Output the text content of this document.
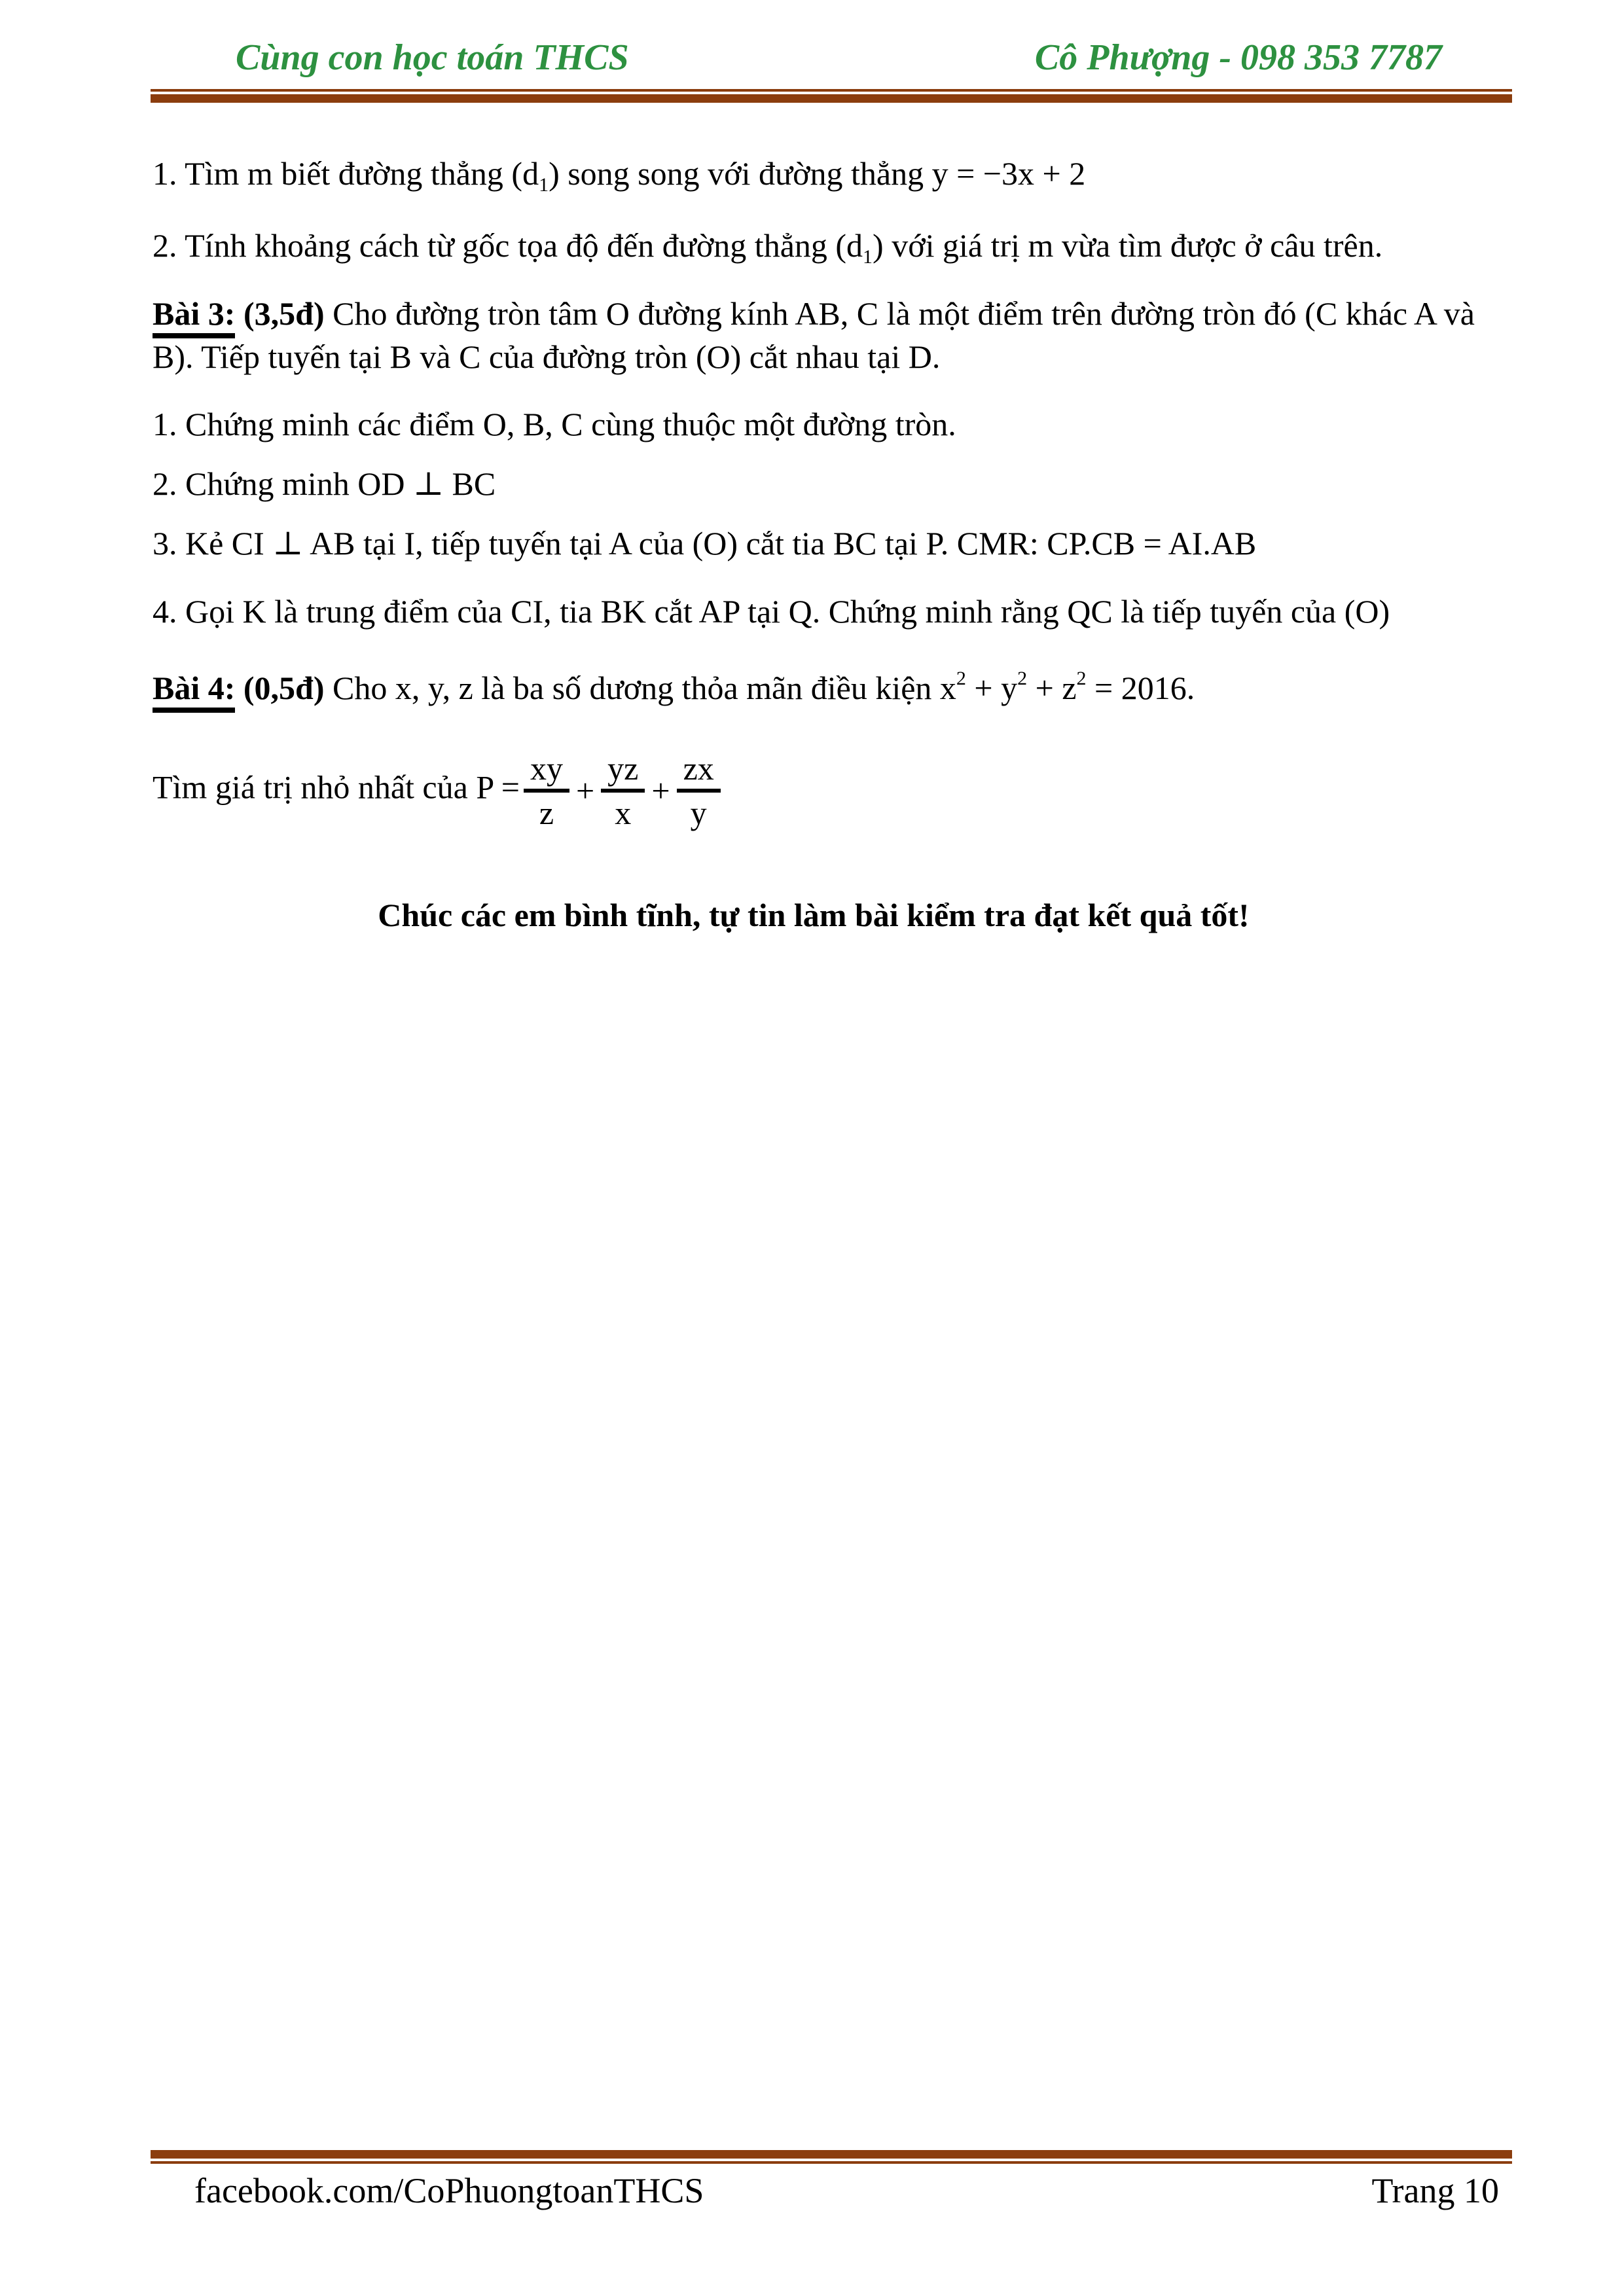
Cùng con học toán THCS	Cô Phượng - 098 353 7787
1. Tìm m biết đường thẳng $(d_1)$ song song với đường thẳng y = −3x + 2
2. Tính khoảng cách từ gốc tọa độ đến đường thẳng $(d_1)$ với giá trị m vừa tìm được ở câu trên.
Bài 3: (3,5đ) Cho đường tròn tâm O đường kính AB, C là một điểm trên đường tròn đó (C khác A và B). Tiếp tuyến tại B và C của đường tròn (O) cắt nhau tại D.
1. Chứng minh các điểm O, B, C cùng thuộc một đường tròn.
2. Chứng minh OD ⊥ BC
3. Kẻ CI ⊥ AB tại I, tiếp tuyến tại A của (O) cắt tia BC tại P. CMR: CP.CB = AI.AB
4. Gọi K là trung điểm của CI, tia BK cắt AP tại Q. Chứng minh rằng QC là tiếp tuyến của (O)
Bài 4: (0,5đ) Cho x, y, z là ba số dương thỏa mãn điều kiện $x^2 + y^2 + z^2 = 2016$.
Tìm giá trị nhỏ nhất của $P = \frac{xy}{z} + \frac{yz}{x} + \frac{zx}{y}$
Chúc các em bình tĩnh, tự tin làm bài kiểm tra đạt kết quả tốt!
facebook.com/CoPhuongtoanTHCS	Trang 10
